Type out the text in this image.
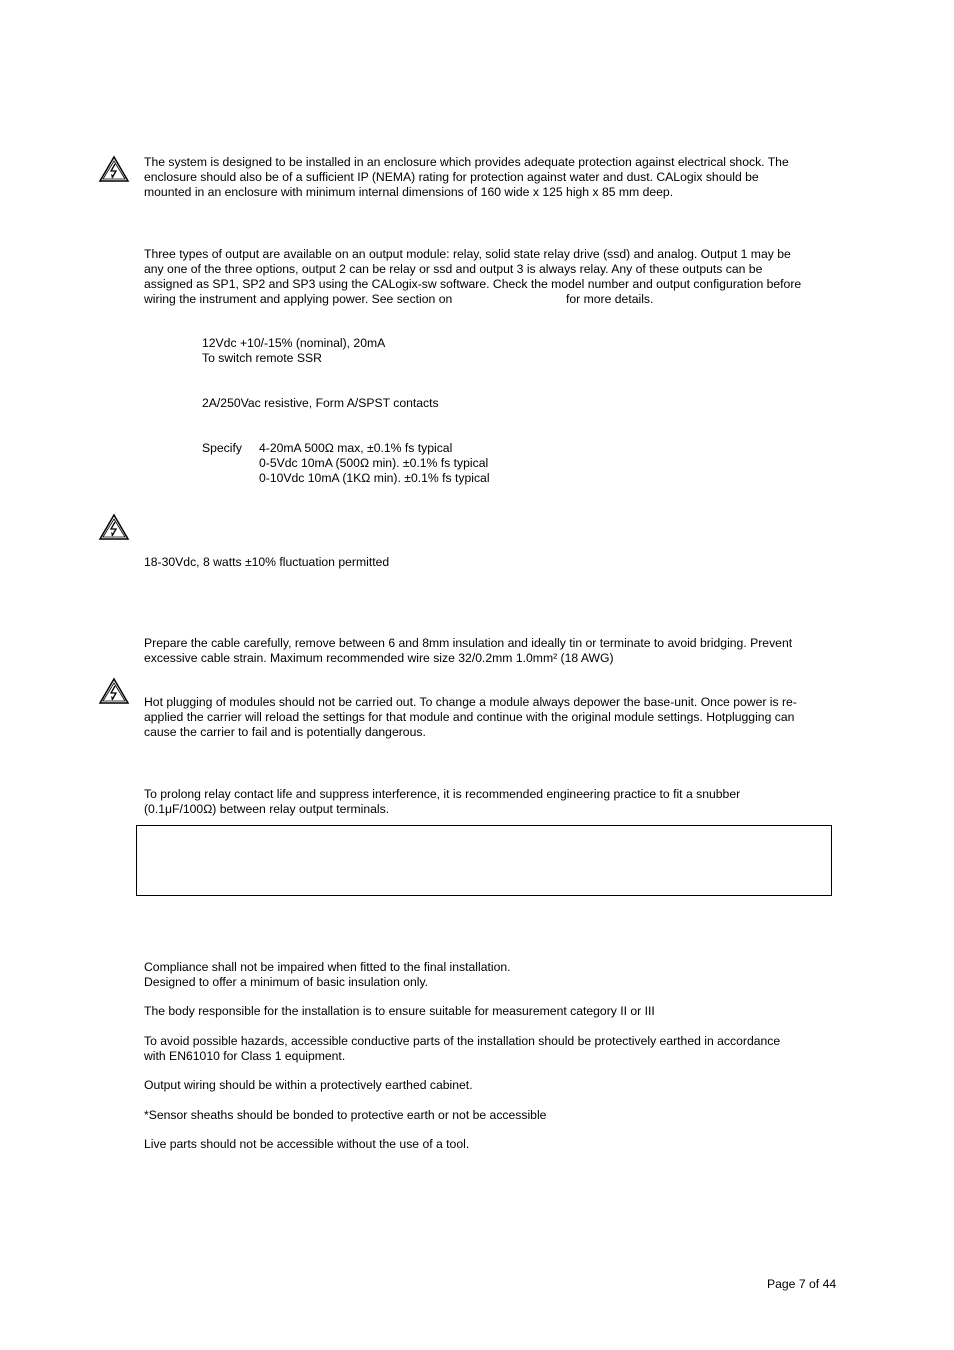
The system is designed to be installed in an enclosure which provides adequate protection against electrical shock. The
enclosure should also be of a sufficient IP (NEMA) rating for protection against water and dust. CALogix should be
mounted in an enclosure with minimum internal dimensions of 160 wide x 125 high x 85 mm deep.
Three types of output are available on an output module: relay, solid state relay drive (ssd) and analog. Output 1 may be
any one of the three options, output 2 can be relay or ssd and output 3 is always relay. Any of these outputs can be
assigned as SP1, SP2 and SP3 using the CALogix-sw software. Check the model number and output configuration before
wiring the instrument and applying power. See section on	for more details.
12Vdc +10/-15% (nominal), 20mA
To switch remote SSR
2A/250Vac resistive, Form A/SPST contacts
Specify 4-20mA 500Ω max, ±0.1% fs typical
0-5Vdc 10mA (500Ω min). ±0.1% fs typical
0-10Vdc 10mA (1KΩ min). ±0.1% fs typical
18-30Vdc, 8 watts ±10% fluctuation permitted
Prepare the cable carefully, remove between 6 and 8mm insulation and ideally tin or terminate to avoid bridging. Prevent
excessive cable strain. Maximum recommended wire size 32/0.2mm 1.0mm² (18 AWG)
Hot plugging of modules should not be carried out. To change a module always depower the base-unit. Once power is re-
applied the carrier will reload the settings for that module and continue with the original module settings. Hotplugging can
cause the carrier to fail and is potentially dangerous.
To prolong relay contact life and suppress interference, it is recommended engineering practice to fit a snubber
(0.1μF/100Ω) between relay output terminals.
Compliance shall not be impaired when fitted to the final installation.
Designed to offer a minimum of basic insulation only.
The body responsible for the installation is to ensure suitable for measurement category II or III
To avoid possible hazards, accessible conductive parts of the installation should be protectively earthed in accordance
with EN61010 for Class 1 equipment.
Output wiring should be within a protectively earthed cabinet.
*Sensor sheaths should be bonded to protective earth or not be accessible
Live parts should not be accessible without the use of a tool.
Page 7 of 44
